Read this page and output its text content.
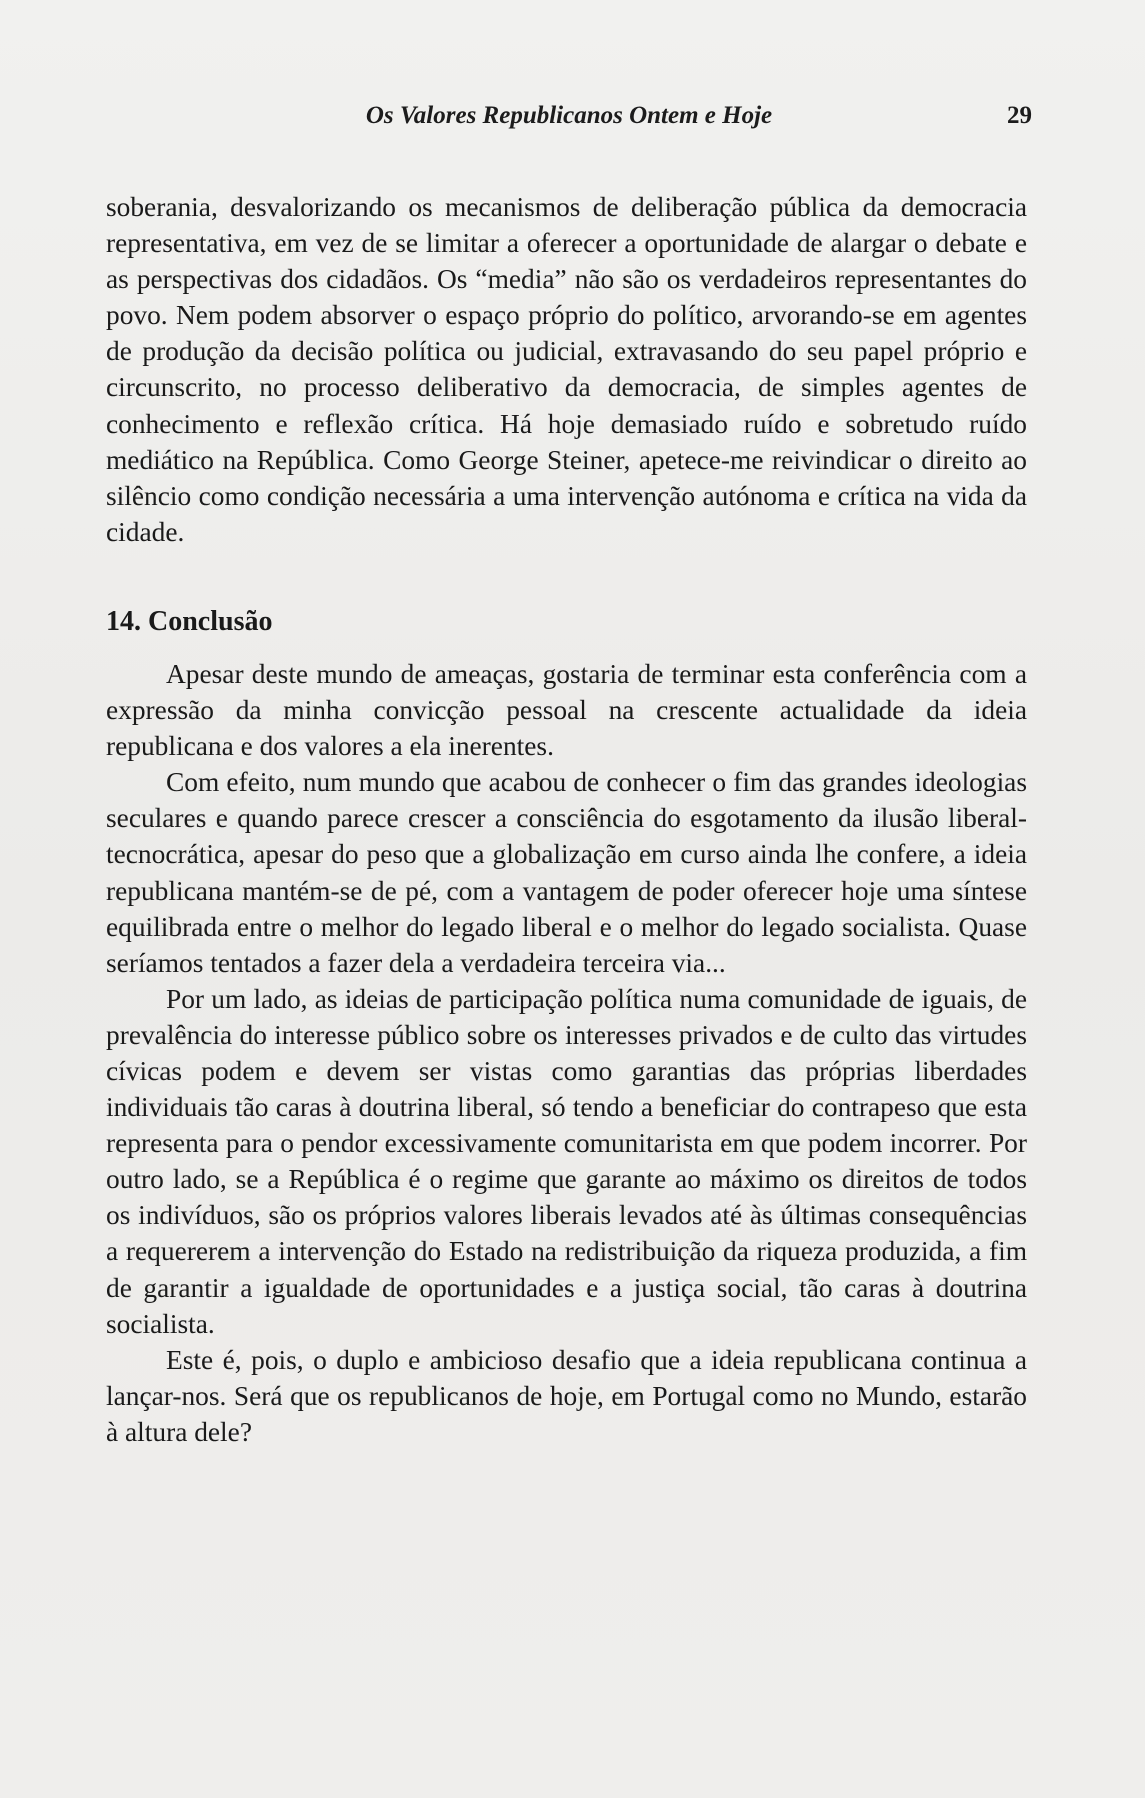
Os Valores Republicanos Ontem e Hoje	29

soberania, desvalorizando os mecanismos de deliberação pública da democracia representativa, em vez de se limitar a oferecer a oportunidade de alargar o debate e as perspectivas dos cidadãos. Os “media” não são os verdadeiros representantes do povo. Nem podem absorver o espaço próprio do político, arvorando-se em agentes de produção da decisão política ou judicial, extravasando do seu papel próprio e circunscrito, no processo deliberativo da democracia, de simples agentes de conhecimento e reflexão crítica. Há hoje demasiado ruído e sobretudo ruído mediático na República. Como George Steiner, apetece-me reivindicar o direito ao silêncio como condição necessária a uma intervenção autónoma e crítica na vida da cidade.

14. Conclusão

Apesar deste mundo de ameaças, gostaria de terminar esta conferência com a expressão da minha convicção pessoal na crescente actualidade da ideia republicana e dos valores a ela inerentes.

Com efeito, num mundo que acabou de conhecer o fim das grandes ideologias seculares e quando parece crescer a consciência do esgotamento da ilusão liberal-tecnocrática, apesar do peso que a globalização em curso ainda lhe confere, a ideia republicana mantém-se de pé, com a vantagem de poder oferecer hoje uma síntese equilibrada entre o melhor do legado liberal e o melhor do legado socialista. Quase seríamos tentados a fazer dela a verdadeira terceira via...

Por um lado, as ideias de participação política numa comunidade de iguais, de prevalência do interesse público sobre os interesses privados e de culto das virtudes cívicas podem e devem ser vistas como garantias das próprias liberdades individuais tão caras à doutrina liberal, só tendo a beneficiar do contrapeso que esta representa para o pendor excessivamente comunitarista em que podem incorrer. Por outro lado, se a República é o regime que garante ao máximo os direitos de todos os indivíduos, são os próprios valores liberais levados até às últimas consequências a requererem a intervenção do Estado na redistribuição da riqueza produzida, a fim de garantir a igualdade de oportunidades e a justiça social, tão caras à doutrina socialista.

Este é, pois, o duplo e ambicioso desafio que a ideia republicana continua a lançar-nos. Será que os republicanos de hoje, em Portugal como no Mundo, estarão à altura dele?
